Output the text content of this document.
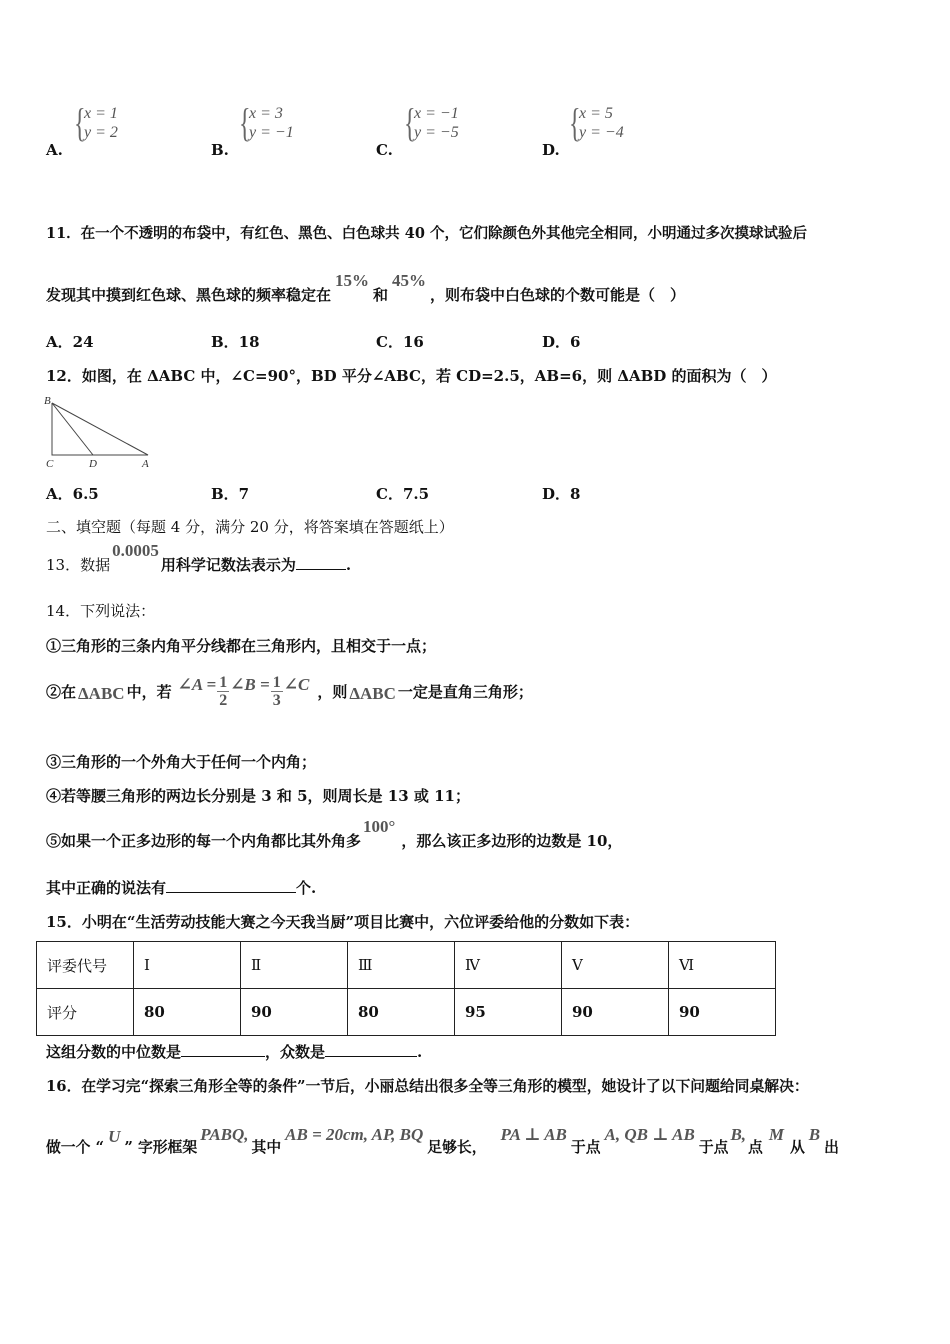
{
x = 1
y = 2
A.
{
x = 3
y = −1
B.
{
x = −1
y = −5
C.
{
x = 5
y = −4
D.
11．在一个不透明的布袋中，有红色、黑色、白色球共 40 个，它们除颜色外其他完全相同，小明通过多次摸球试验后
发现其中摸到红色球、黑色球的频率稳定在15%和45%，则布袋中白色球的个数可能是（　）
A．24	B．18	C．16	D．6
12．如图，在 ΔABC 中，∠C=90°，BD 平分∠ABC，若 CD=2.5，AB=6，则 ΔABD 的面积为（　）
B
C	D	A
A．6.5	B．7	C．7.5	D．8
二、填空题（每题 4 分，满分 20 分，将答案填在答题纸上）
13．数据0.0005用科学记数法表示为	.
14．下列说法：
①三角形的三条内角平分线都在三角形内，且相交于一点；
②在 ΔABC 中，若 ∠A = $\frac{1}{2}$ ∠B = $\frac{1}{3}$ ∠C ，则 ΔABC 一定是直角三角形；
③三角形的一个外角大于任何一个内角；
④若等腰三角形的两边长分别是 3 和 5，则周长是 13 或 11；
⑤如果一个正多边形的每一个内角都比其外角多100°，那么该正多边形的边数是 10，
其中正确的说法有	个.
15．小明在“生活劳动技能大赛之今天我当厨”项目比赛中，六位评委给他的分数如下表：
评委代号	Ⅰ	Ⅱ	Ⅲ	Ⅳ	Ⅴ	Ⅵ
评分	80	90	80	95	90	90
这组分数的中位数是	，众数是	.
16．在学习完“探索三角形全等的条件”一节后，小丽总结出很多全等三角形的模型，她设计了以下问题给同桌解决：
做一个 “U” 字形框架PABQ,其中AB = 20cm, AP, BQ足够长，PA ⊥ AB于点A, QB ⊥ AB于点B,点M从B出
